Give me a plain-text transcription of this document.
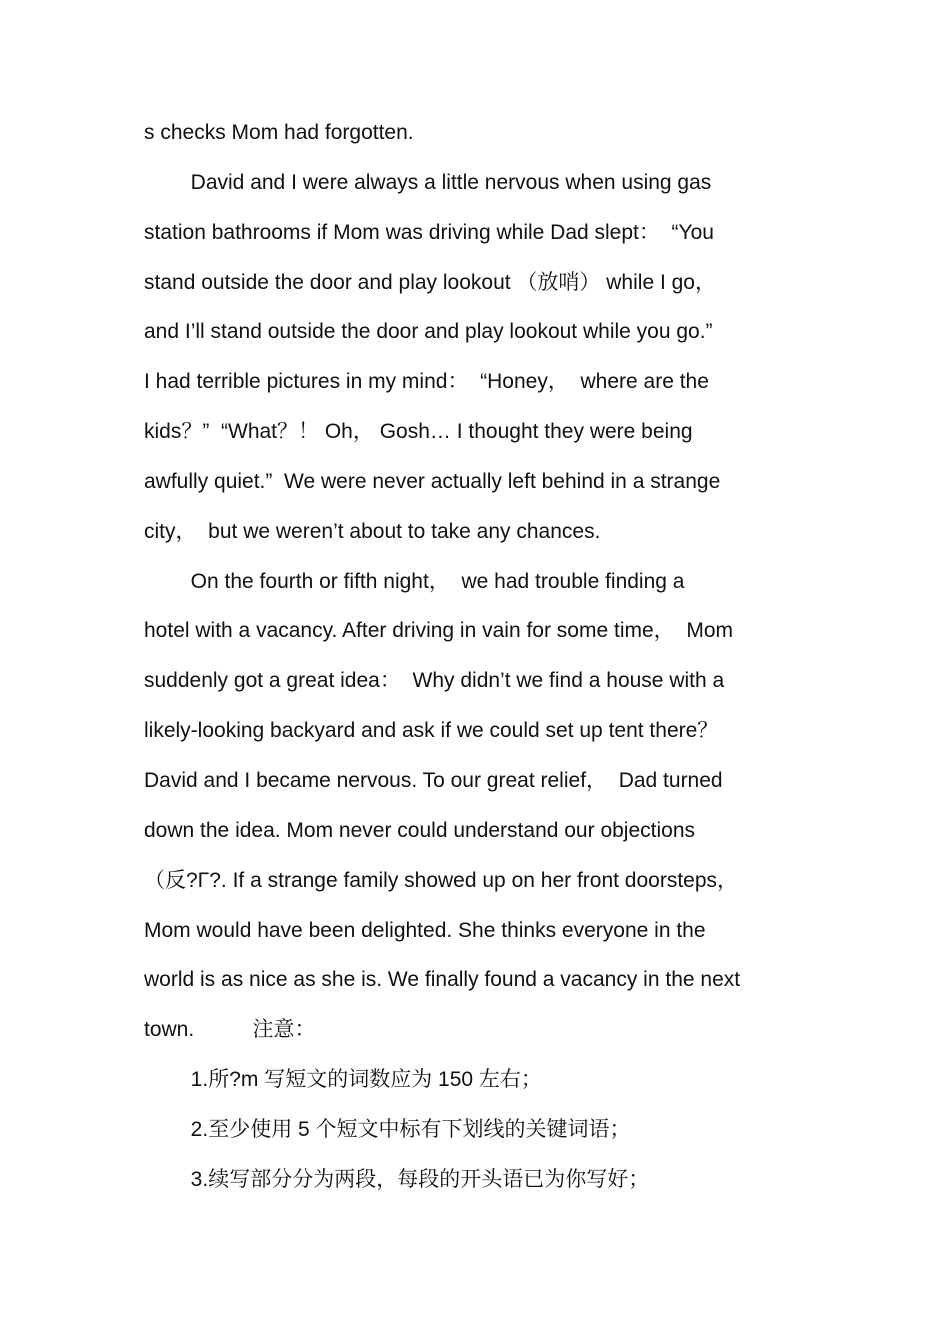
s checks Mom had forgotten.
David and I were always a little nervous when using gas
station bathrooms if Mom was driving while Dad slept：  “You
stand outside the door and play lookout （放哨） while I go，
and I’ll stand outside the door and play lookout while you go.”
I had terrible pictures in my mind：  “Honey，  where are the
kids？”  “What？！ Oh， Gosh… I thought they were being
awfully quiet.”  We were never actually left behind in a strange
city，  but we weren’t about to take any chances.
On the fourth or fifth night，  we had trouble finding a
hotel with a vacancy. After driving in vain for some time，  Mom
suddenly got a great idea：  Why didn’t we find a house with a
likely-looking backyard and ask if we could set up tent there？
David and I became nervous. To our great relief，  Dad turned
down the idea. Mom never could understand our objections
（反?Γ?. If a strange family showed up on her front doorsteps，
Mom would have been delighted. She thinks everyone in the
world is as nice as she is. We finally found a vacancy in the next
town.          注意：
1.所?m 写短文的词数应为 150 左右；
2.至少使用 5 个短文中标有下划线的关键词语；
3.续写部分分为两段，每段的开头语已为你写好；
